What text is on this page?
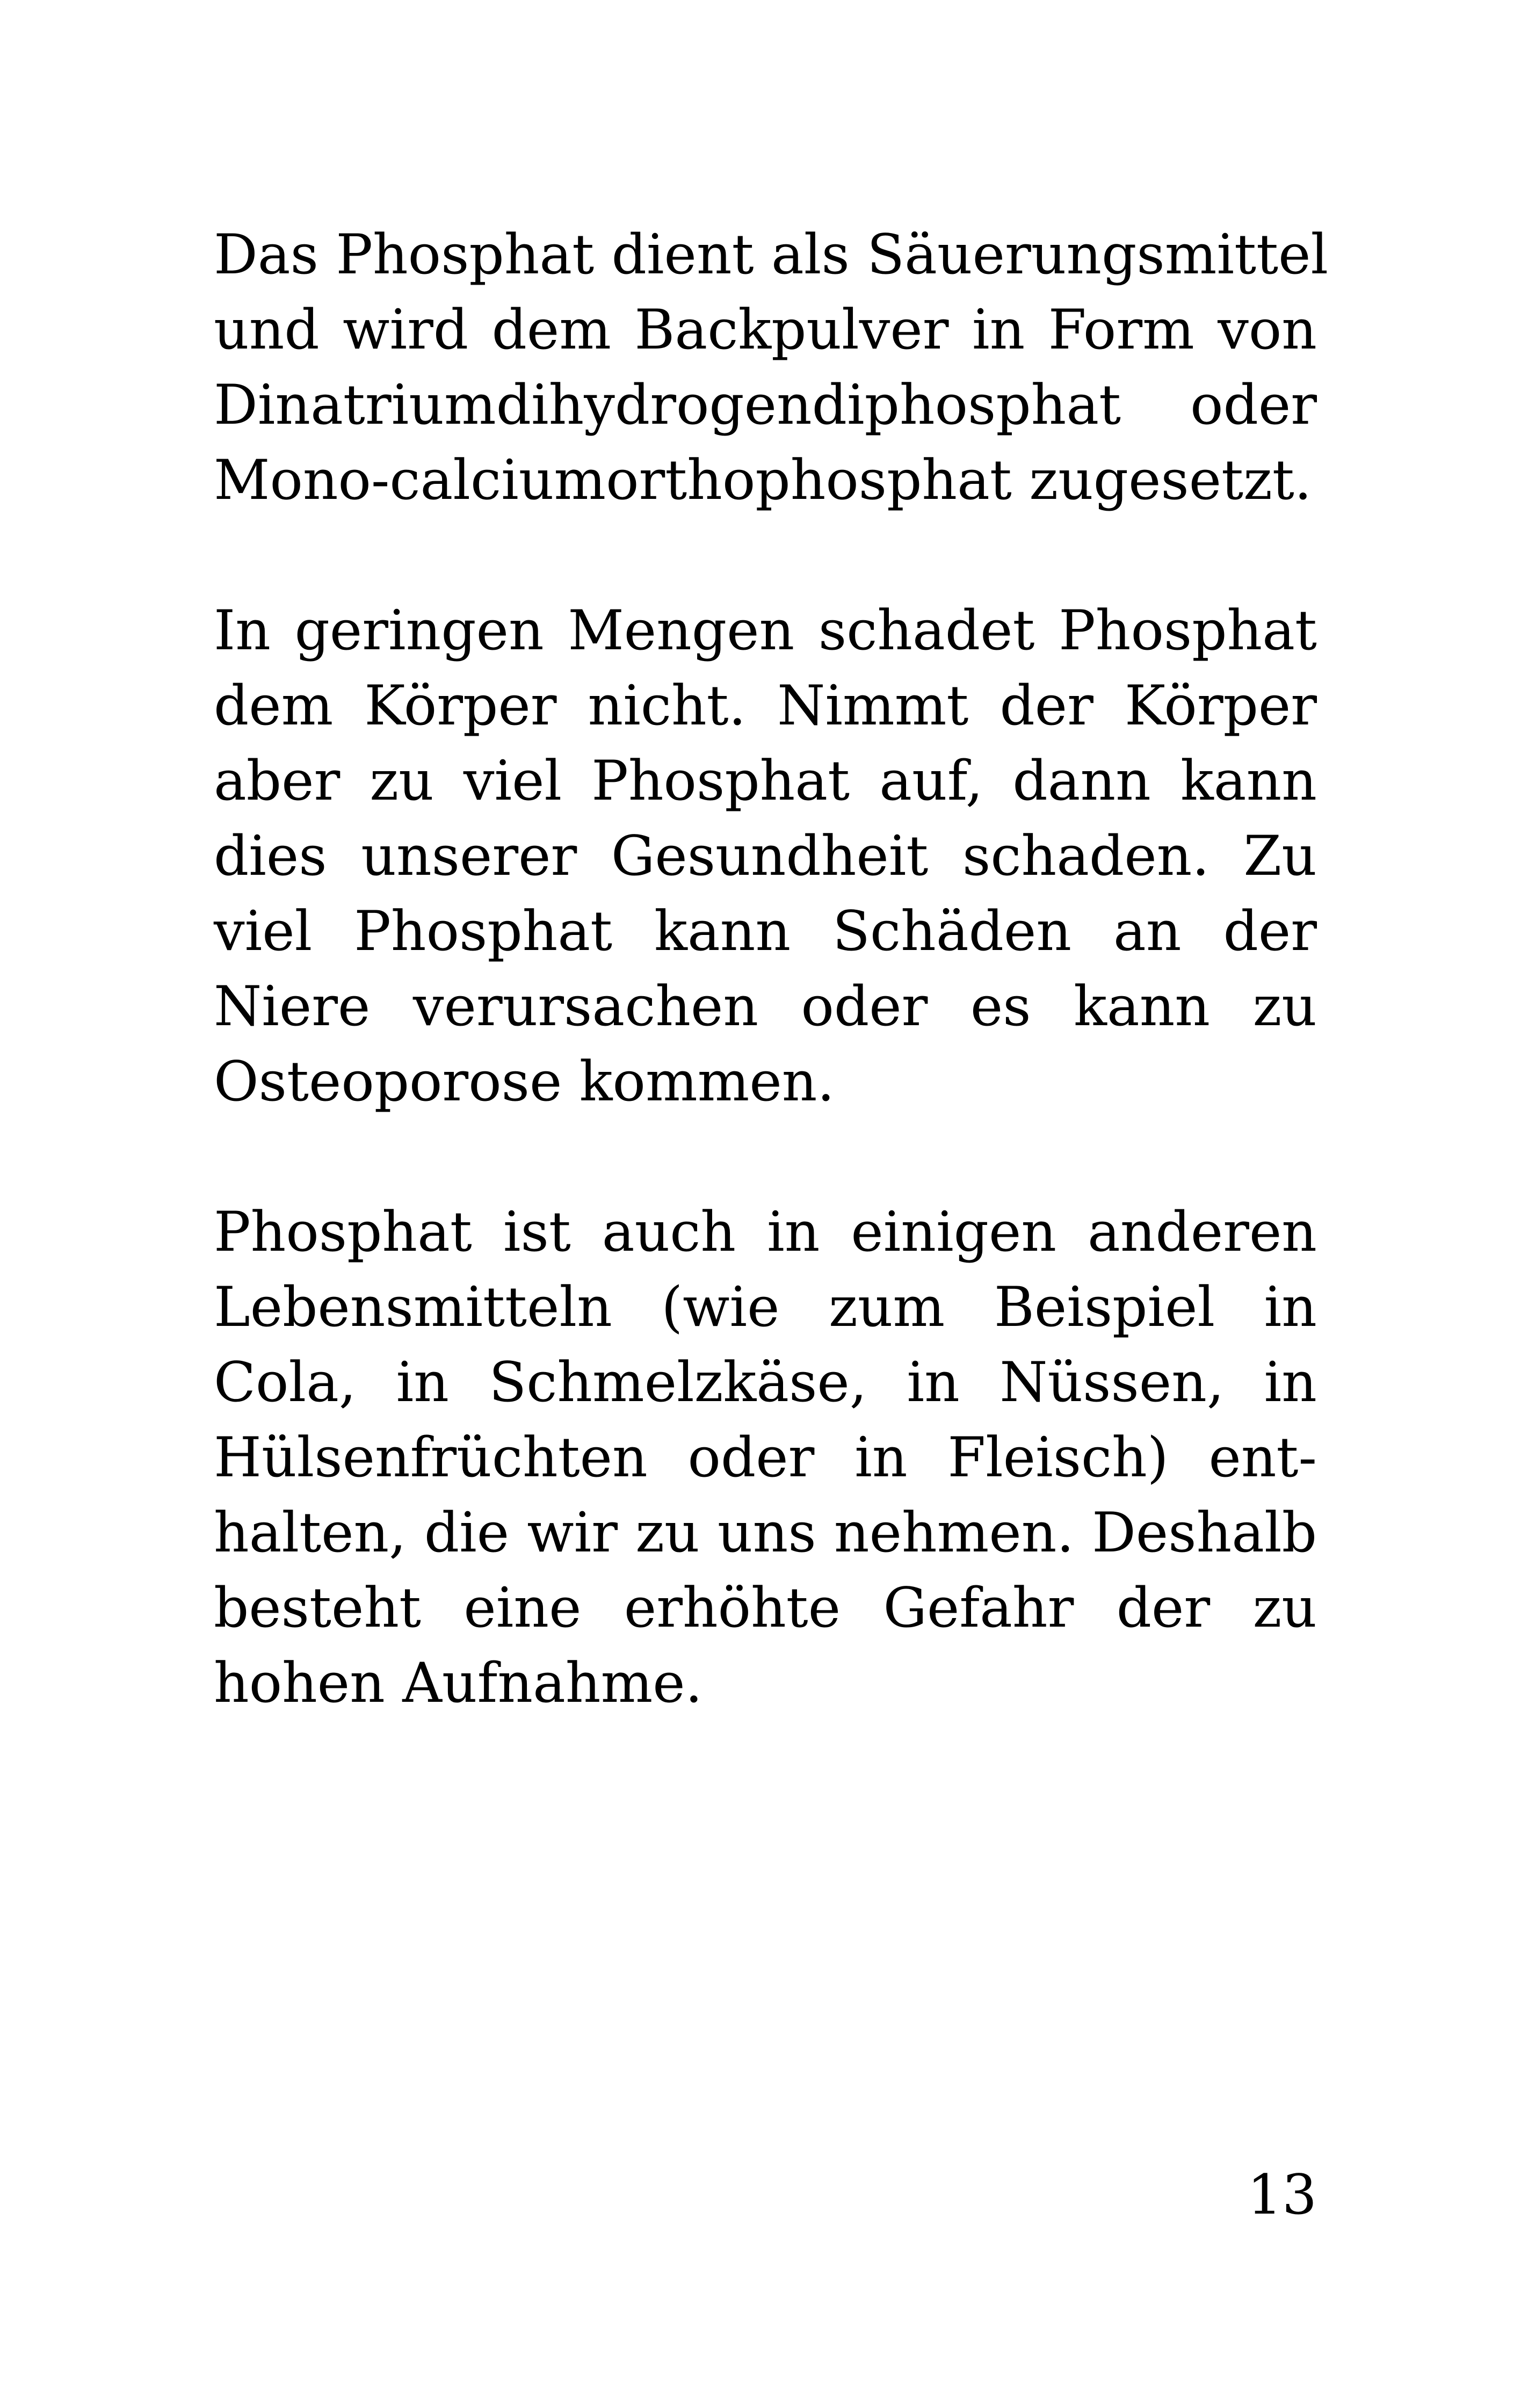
Das Phosphat dient als Säuerungsmittel
und wird dem Backpulver in Form von
Dinatriumdihydrogendiphosphat oder
Mono-calciumorthophosphat zugesetzt.
In geringen Mengen schadet Phosphat
dem Körper nicht. Nimmt der Körper
aber zu viel Phosphat auf, dann kann
dies unserer Gesundheit schaden. Zu
viel Phosphat kann Schäden an der
Niere verursachen oder es kann zu
Osteoporose kommen.
Phosphat ist auch in einigen anderen
Lebensmitteln (wie zum Beispiel in
Cola, in Schmelzkäse, in Nüssen, in
Hülsenfrüchten oder in Fleisch) ent-
halten, die wir zu uns nehmen. Deshalb
besteht eine erhöhte Gefahr der zu
hohen Aufnahme.
13
